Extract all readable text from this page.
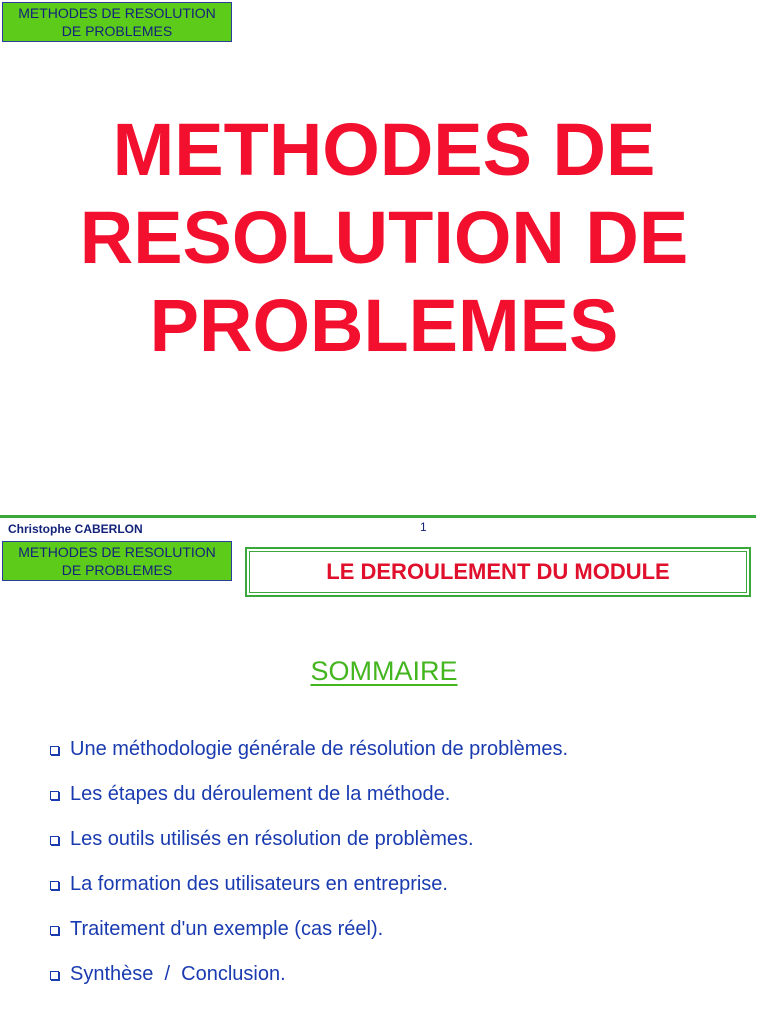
METHODES DE RESOLUTION DE PROBLEMES
METHODES DE
RESOLUTION DE
PROBLEMES
Christophe CABERLON	1
METHODES DE RESOLUTION DE PROBLEMES	LE DEROULEMENT DU MODULE
SOMMAIRE
Une méthodologie générale de résolution de problèmes.
Les étapes du déroulement de la méthode.
Les outils utilisés en résolution de problèmes.
La formation des utilisateurs en entreprise.
Traitement d'un exemple (cas réel).
Synthèse  /  Conclusion.
